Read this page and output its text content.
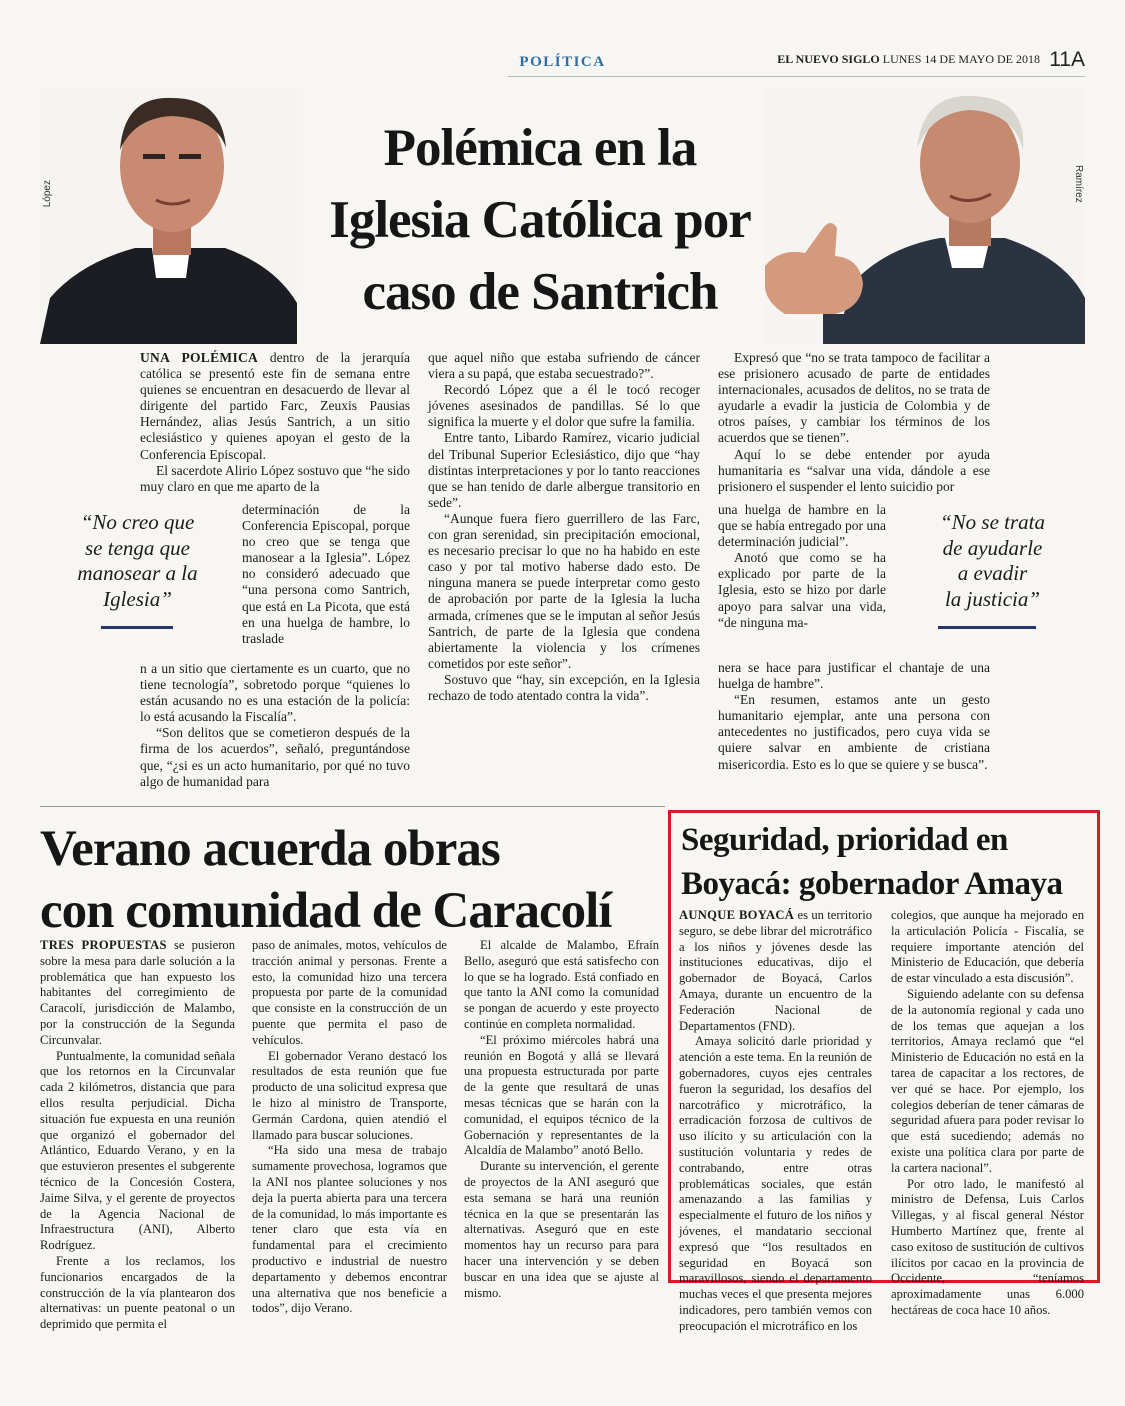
POLÍTICA	EL NUEVO SIGLO LUNES 14 DE MAYO DE 2018 11A
López	Ramírez
Polémica en la
Iglesia Católica por
caso de Santrich

UNA POLÉMICA dentro de la jerarquía católica se presentó este fin de semana entre quienes se encuentran en desacuerdo de llevar al dirigente del partido Farc, Zeuxis Pausias Hernández, alias Jesús Santrich, a un sitio eclesiástico y quienes apoyan el gesto de la Conferencia Episcopal.

El sacerdote Alirio López sostuvo que “he sido muy claro en que me aparto de la

determinación de la Conferencia Episcopal, porque no creo que se tenga que manosear a la Iglesia”. López no consideró adecuado que “una persona como Santrich, que está en La Picota, que está en una huelga de hambre, lo traslade

n a un sitio que ciertamente es un cuarto, que no tiene tecnología”, sobretodo porque “quienes lo están acusando no es una estación de la policía: lo está acusando la Fiscalía”.

“Son delitos que se cometieron después de la firma de los acuerdos”, señaló, preguntándose que, “¿si es un acto humanitario, por qué no tuvo algo de humanidad para

“No creo que
se tenga que
manosear a la
Iglesia”

que aquel niño que estaba sufriendo de cáncer viera a su papá, que estaba secuestrado?”.

Recordó López que a él le tocó recoger jóvenes asesinados de pandillas. Sé lo que significa la muerte y el dolor que sufre la familia.

Entre tanto, Libardo Ramírez, vicario judicial del Tribunal Superior Eclesiástico, dijo que “hay distintas interpretaciones y por lo tanto reacciones que se han tenido de darle albergue transitorio en sede”.

“Aunque fuera fiero guerrillero de las Farc, con gran serenidad, sin precipitación emocional, es necesario precisar lo que no ha habido en este caso y por tal motivo haberse dado esto. De ninguna manera se puede interpretar como gesto de aprobación por parte de la Iglesia la lucha armada, crímenes que se le imputan al señor Jesús Santrich, de parte de la Iglesia que condena abiertamente la violencia y los crímenes cometidos por este señor”.

Sostuvo que “hay, sin excepción, en la Iglesia rechazo de todo atentado contra la vida”.

Expresó que “no se trata tampoco de facilitar a ese prisionero acusado de parte de entidades internacionales, acusados de delitos, no se trata de ayudarle a evadir la justicia de Colombia y de otros países, y cambiar los términos de los acuerdos que se tienen”.

Aquí lo se debe entender por ayuda humanitaria es “salvar una vida, dándole a ese prisionero el suspender el lento suicidio por

una huelga de hambre en la que se había entregado por una determinación judicial”.

Anotó que como se ha explicado por parte de la Iglesia, esto se hizo por darle apoyo para salvar una vida, “de ninguna ma-

nera se hace para justificar el chantaje de una huelga de hambre”.

“En resumen, estamos ante un gesto humanitario ejemplar, ante una persona con antecedentes no justificados, pero cuya vida se quiere salvar en ambiente de cristiana misericordia. Esto es lo que se quiere y se busca”.

“No se trata
de ayudarle
a evadir
la justicia”
Verano acuerda obras
con comunidad de Caracolí

TRES PROPUESTAS se pusieron sobre la mesa para darle solución a la problemática que han expuesto los habitantes del corregimiento de Caracolí, jurisdicción de Malambo, por la construcción de la Segunda Circunvalar.

Puntualmente, la comunidad señala que los retornos en la Circunvalar cada 2 kilómetros, distancia que para ellos resulta perjudicial. Dicha situación fue expuesta en una reunión que organizó el gobernador del Atlántico, Eduardo Verano, y en la que estuvieron presentes el subgerente técnico de la Concesión Costera, Jaime Silva, y el gerente de proyectos de la Agencia Nacional de Infraestructura (ANI), Alberto Rodríguez.

Frente a los reclamos, los funcionarios encargados de la construcción de la vía plantearon dos alternativas: un puente peatonal o un deprimido que permita el

paso de animales, motos, vehículos de tracción animal y personas. Frente a esto, la comunidad hizo una tercera propuesta por parte de la comunidad que consiste en la construcción de un puente que permita el paso de vehículos.

El gobernador Verano destacó los resultados de esta reunión que fue producto de una solicitud expresa que le hizo al ministro de Transporte, Germán Cardona, quien atendió el llamado para buscar soluciones.

“Ha sido una mesa de trabajo sumamente provechosa, logramos que la ANI nos plantee soluciones y nos deja la puerta abierta para una tercera de la comunidad, lo más importante es tener claro que esta vía en fundamental para el crecimiento productivo e industrial de nuestro departamento y debemos encontrar una alternativa que nos beneficie a todos”, dijo Verano.

El alcalde de Malambo, Efraín Bello, aseguró que está satisfecho con lo que se ha logrado. Está confiado en que tanto la ANI como la comunidad se pongan de acuerdo y este proyecto continúe en completa normalidad.

“El próximo miércoles habrá una reunión en Bogotá y allá se llevará una propuesta estructurada por parte de la gente que resultará de unas mesas técnicas que se harán con la comunidad, el equipos técnico de la Gobernación y representantes de la Alcaldía de Malambo” anotó Bello.

Durante su intervención, el gerente de proyectos de la ANI aseguró que esta semana se hará una reunión técnica en la que se presentarán las alternativas. Aseguró que en este momentos hay un recurso para para hacer una intervención y se deben buscar en una idea que se ajuste al mismo.

Seguridad, prioridad en
Boyacá: gobernador Amaya

AUNQUE BOYACÁ es un territorio seguro, se debe librar del microtráfico a los niños y jóvenes desde las instituciones educativas, dijo el gobernador de Boyacá, Carlos Amaya, durante un encuentro de la Federación Nacional de Departamentos (FND).

Amaya solicitó darle prioridad y atención a este tema. En la reunión de gobernadores, cuyos ejes centrales fueron la seguridad, los desafíos del narcotráfico y microtráfico, la erradicación forzosa de cultivos de uso ilícito y su articulación con la sustitución voluntaria y redes de contrabando, entre otras problemáticas sociales, que están amenazando a las familias y especialmente el futuro de los niños y jóvenes, el mandatario seccional expresó que “los resultados en seguridad en Boyacá son maravillosos, siendo el departamento muchas veces el que presenta mejores indicadores, pero también vemos con preocupación el microtráfico en los

colegios, que aunque ha mejorado en la articulación Policía - Fiscalía, se requiere importante atención del Ministerio de Educación, que debería de estar vinculado a esta discusión”.

Siguiendo adelante con su defensa de la autonomía regional y cada uno de los temas que aquejan a los territorios, Amaya reclamó que “el Ministerio de Educación no está en la tarea de capacitar a los rectores, de ver qué se hace. Por ejemplo, los colegios deberían de tener cámaras de seguridad afuera para poder revisar lo que está sucediendo; además no existe una política clara por parte de la cartera nacional”.

Por otro lado, le manifestó al ministro de Defensa, Luis Carlos Villegas, y al fiscal general Néstor Humberto Martínez que, frente al caso exitoso de sustitución de cultivos ilícitos por cacao en la provincia de Occidente, “teníamos aproximadamente unas 6.000 hectáreas de coca hace 10 años.
